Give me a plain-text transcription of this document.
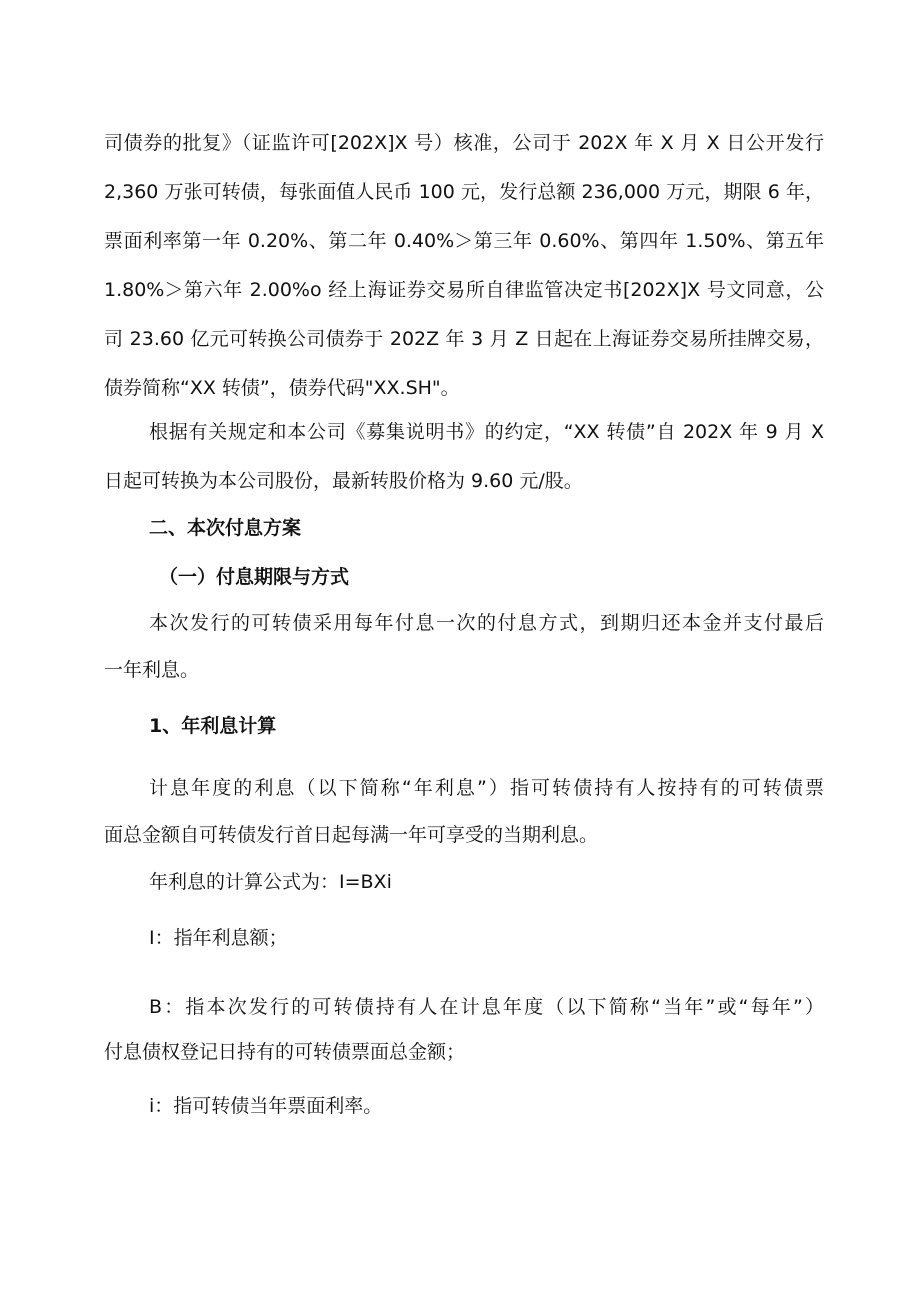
司债券的批复》（证监许可[202X]X 号）核准，公司于 202X 年 X 月 X 日公开发行
2,360 万张可转债，每张面值人民币 100 元，发行总额 236,000 万元，期限 6 年，
票面利率第一年 0.20%、第二年 0.40%＞第三年 0.60%、第四年 1.50%、第五年
1.80%＞第六年 2.00%o 经上海证券交易所自律监管决定书[202X]X 号文同意，公
司 23.60 亿元可转换公司债券于 202Z 年 3 月 Z 日起在上海证券交易所挂牌交易，
债券简称“XX 转债”，债券代码"XX.SH"。
根据有关规定和本公司《募集说明书》的约定，“XX 转债”自 202X 年 9 月 X
日起可转换为本公司股份，最新转股价格为 9.60 元/股。
二、本次付息方案
（一）付息期限与方式
本次发行的可转债采用每年付息一次的付息方式，到期归还本金并支付最后
一年利息。
1、年利息计算
计息年度的利息（以下简称“年利息”）指可转债持有人按持有的可转债票
面总金额自可转债发行首日起每满一年可享受的当期利息。
年利息的计算公式为：I=BXi
I：指年利息额；
B：指本次发行的可转债持有人在计息年度（以下简称“当年”或“每年”）
付息债权登记日持有的可转债票面总金额；
i：指可转债当年票面利率。
